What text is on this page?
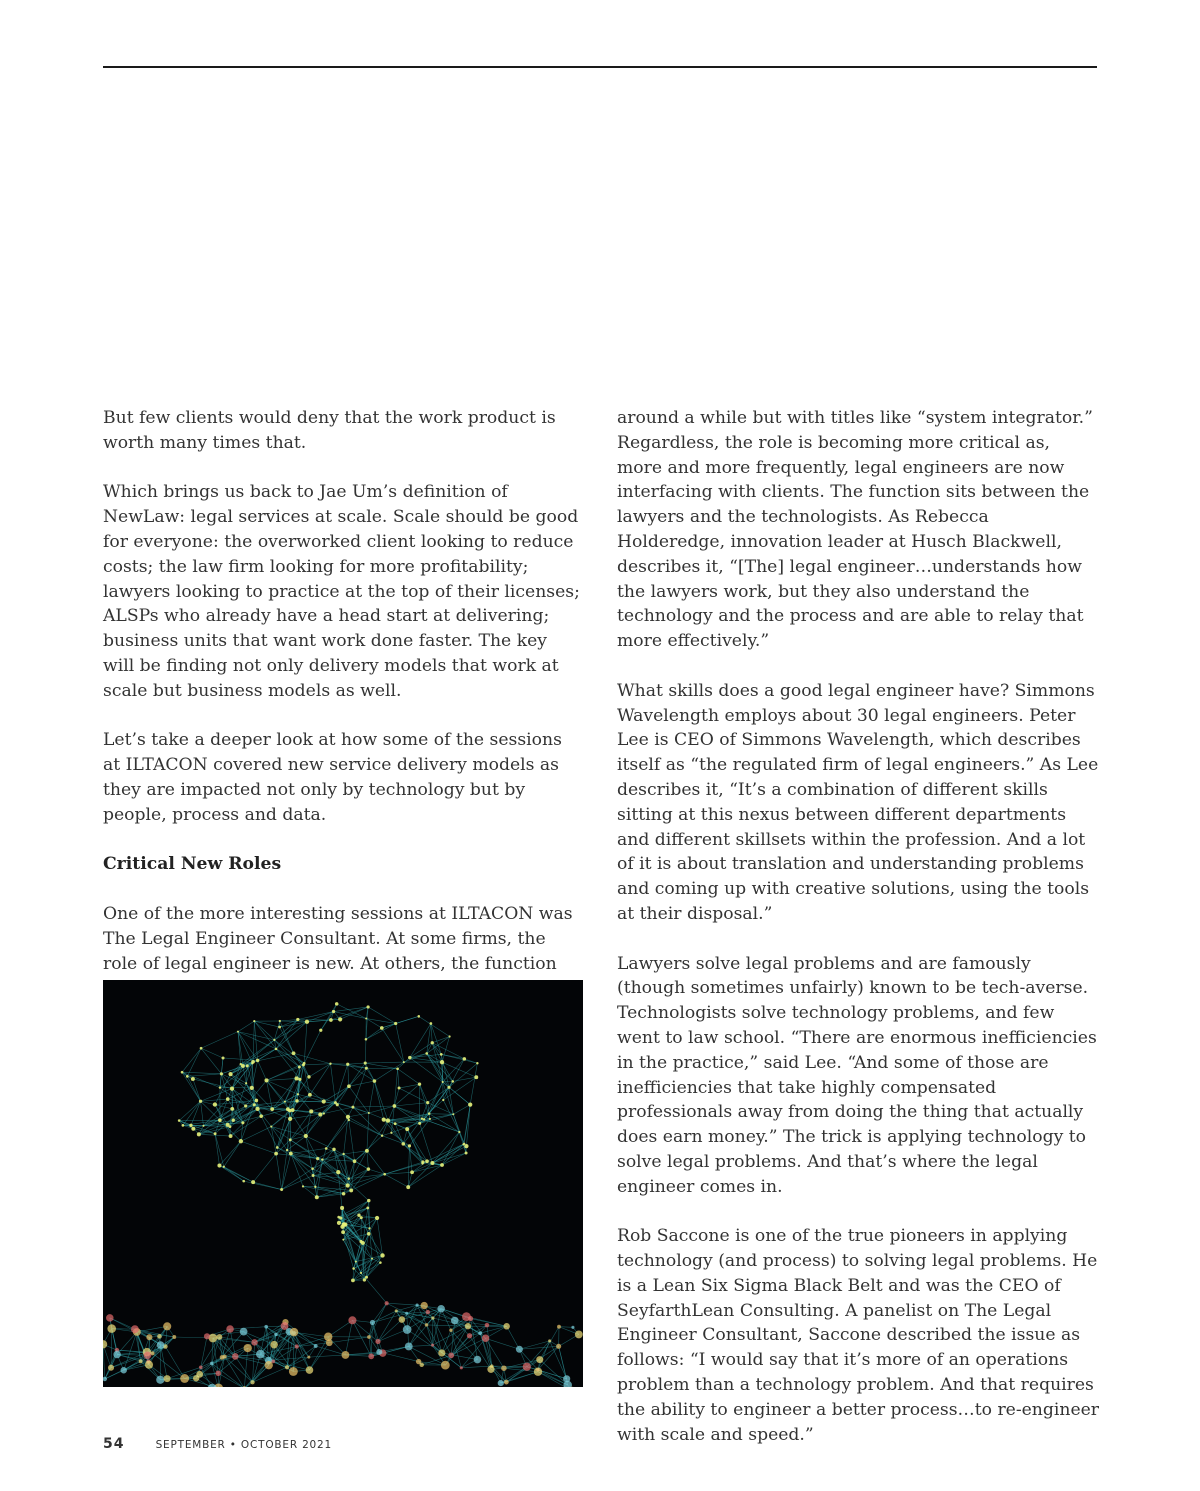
But few clients would deny that the work product is worth many times that.

Which brings us back to Jae Um’s definition of NewLaw: legal services at scale. Scale should be good for everyone: the overworked client looking to reduce costs; the law firm looking for more profitability; lawyers looking to practice at the top of their licenses; ALSPs who already have a head start at delivering; business units that want work done faster. The key will be finding not only delivery models that work at scale but business models as well.

Let’s take a deeper look at how some of the sessions at ILTACON covered new service delivery models as they are impacted not only by technology but by people, process and data.

Critical New Roles

One of the more interesting sessions at ILTACON was The Legal Engineer Consultant. At some firms, the role of legal engineer is new. At others, the function

around a while but with titles like “system integrator.” Regardless, the role is becoming more critical as, more and more frequently, legal engineers are now interfacing with clients. The function sits between the lawyers and the technologists. As Rebecca Holderedge, innovation leader at Husch Blackwell, describes it, “[The] legal engineer…understands how the lawyers work, but they also understand the technology and the process and are able to relay that more effectively.”

What skills does a good legal engineer have? Simmons Wavelength employs about 30 legal engineers. Peter Lee is CEO of Simmons Wavelength, which describes itself as “the regulated firm of legal engineers.” As Lee describes it, “It’s a combination of different skills sitting at this nexus between different departments and different skillsets within the profession. And a lot of it is about translation and understanding problems and coming up with creative solutions, using the tools at their disposal.”

Lawyers solve legal problems and are famously (though sometimes unfairly) known to be tech-averse. Technologists solve technology problems, and few went to law school. “There are enormous inefficiencies in the practice,” said Lee. “And some of those are inefficiencies that take highly compensated professionals away from doing the thing that actually does earn money.” The trick is applying technology to solve legal problems. And that’s where the legal engineer comes in.

Rob Saccone is one of the true pioneers in applying technology (and process) to solving legal problems. He is a Lean Six Sigma Black Belt and was the CEO of SeyfarthLean Consulting. A panelist on The Legal Engineer Consultant, Saccone described the issue as follows: “I would say that it’s more of an operations problem than a technology problem. And that requires the ability to engineer a better process…to re-engineer with scale and speed.”

54	SEPTEMBER • OCTOBER 2021
